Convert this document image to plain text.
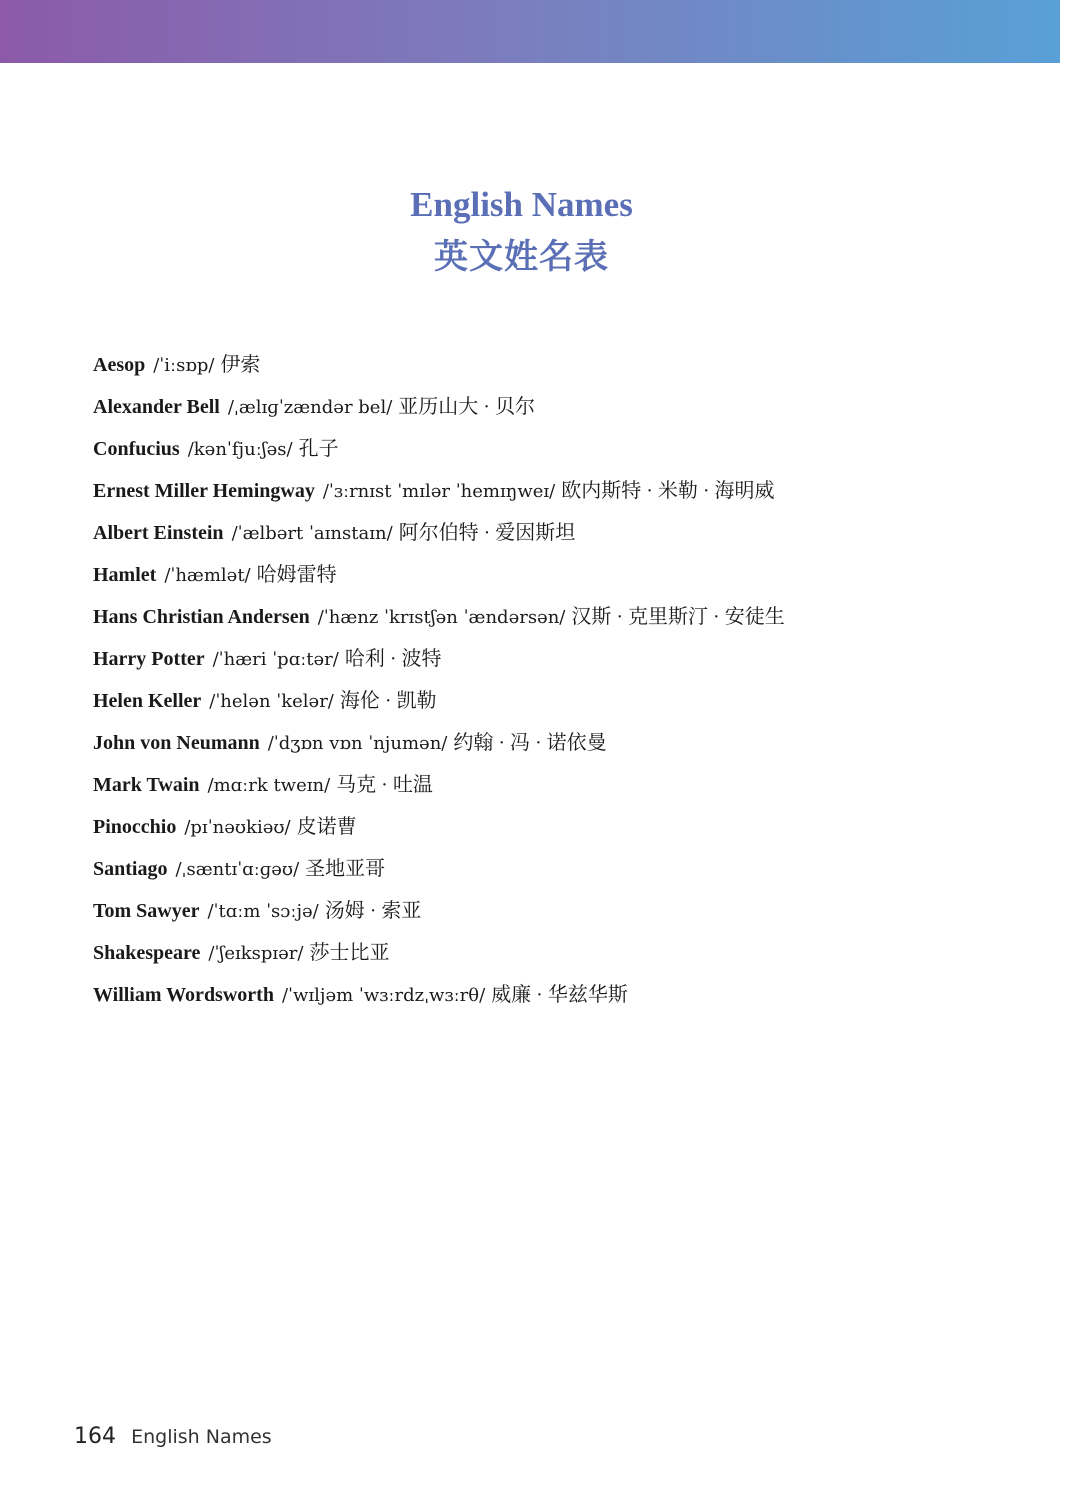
English Names
英文姓名表
Aesop /ˈiːsɒp/ 伊索
Alexander Bell /ˌælɪɡˈzændər bel/ 亚历山大 · 贝尔
Confucius /kənˈfjuːʃəs/ 孔子
Ernest Miller Hemingway /ˈɜːrnɪst ˈmɪlər ˈhemɪŋweɪ/ 欧内斯特 · 米勒 · 海明威
Albert Einstein /ˈælbərt ˈaɪnstaɪn/ 阿尔伯特 · 爱因斯坦
Hamlet /ˈhæmlət/ 哈姆雷特
Hans Christian Andersen /ˈhænz ˈkrɪstʃən ˈændərsən/ 汉斯 · 克里斯汀 · 安徒生
Harry Potter /ˈhæri ˈpɑːtər/ 哈利 · 波特
Helen Keller /ˈhelən ˈkelər/ 海伦 · 凯勒
John von Neumann /ˈdʒɒn vɒn ˈnjumən/ 约翰 · 冯 · 诺依曼
Mark Twain /mɑːrk tweɪn/ 马克 · 吐温
Pinocchio /pɪˈnəʊkiəʊ/ 皮诺曹
Santiago /ˌsæntɪˈɑːɡəʊ/ 圣地亚哥
Tom Sawyer /ˈtɑːm ˈsɔːjə/ 汤姆 · 索亚
Shakespeare /ˈʃeɪkspɪər/ 莎士比亚
William Wordsworth /ˈwɪljəm ˈwɜːrdzˌwɜːrθ/ 威廉 · 华兹华斯
164 English Names
